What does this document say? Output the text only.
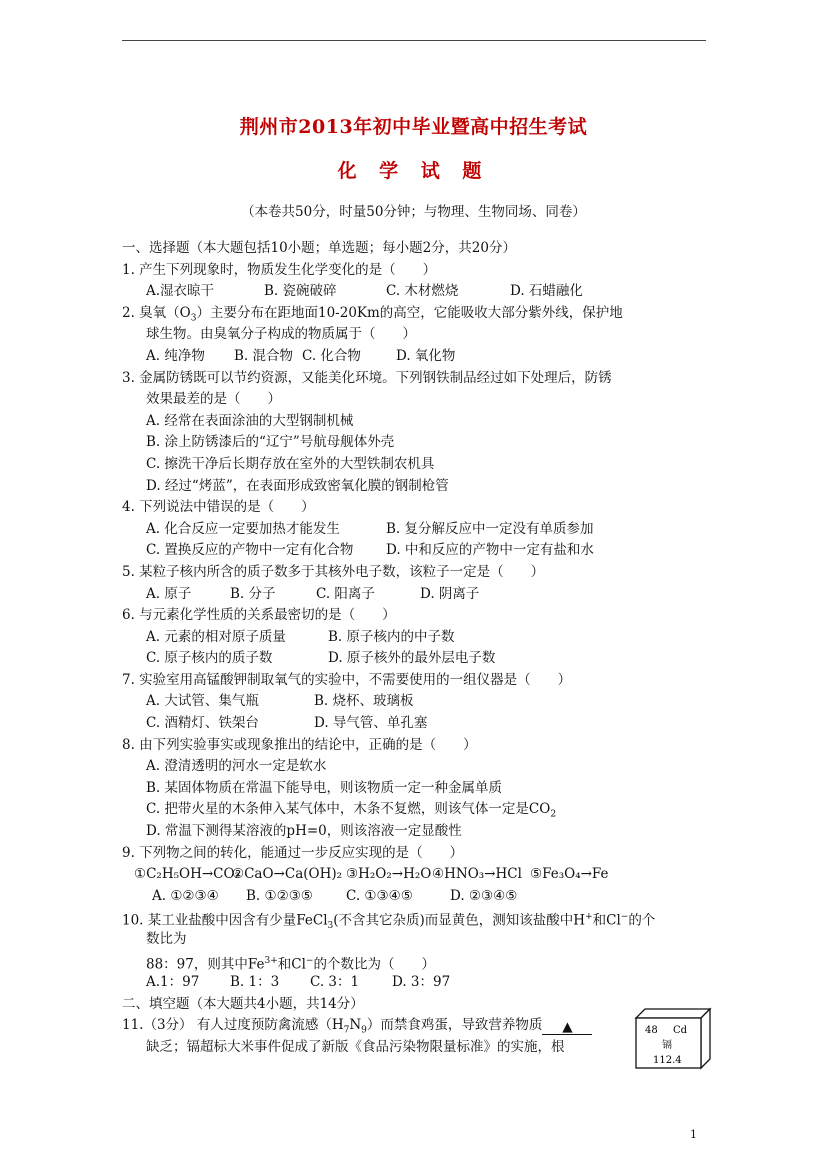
荆州市2013年初中毕业暨高中招生考试
化 学 试 题
（本卷共50分，时量50分钟；与物理、生物同场、同卷）
一、选择题（本大题包括10小题；单选题；每小题2分，共20分）
1. 产生下列现象时，物质发生化学变化的是（　　）
A.湿衣晾干	B. 瓷碗破碎	C. 木材燃烧	D. 石蜡融化
2. 臭氧$(O_3)$主要分布在距地面10-20Km的高空，它能吸收大部分紫外线，保护地
球生物。由臭氧分子构成的物质属于（　　）
A. 纯净物 B. 混合物 C. 化合物	D. 氧化物
3. 金属防锈既可以节约资源，又能美化环境。下列钢铁制品经过如下处理后，防锈
效果最差的是（　　）
A. 经常在表面涂油的大型钢制机械
B. 涂上防锈漆后的“辽宁”号航母舰体外壳
C. 擦洗干净后长期存放在室外的大型铁制农机具
D. 经过“烤蓝”，在表面形成致密氧化膜的钢制枪管
4. 下列说法中错误的是（　　）
A. 化合反应一定要加热才能发生	B. 复分解反应中一定没有单质参加
C. 置换反应的产物中一定有化合物 D. 中和反应的产物中一定有盐和水
5. 某粒子核内所含的质子数多于其核外电子数，该粒子一定是（　　）
A. 原子	B. 分子	C. 阳离子	D. 阴离子
6. 与元素化学性质的关系最密切的是（　　）
A. 元素的相对原子质量	B. 原子核内的中子数
C. 原子核内的质子数	D. 原子核外的最外层电子数
7. 实验室用高锰酸钾制取氧气的实验中，不需要使用的一组仪器是（　　）
A. 大试管、集气瓶	B. 烧杯、玻璃板
C. 酒精灯、铁架台	D. 导气管、单孔塞
8. 由下列实验事实或现象推出的结论中，正确的是（　　）
A. 澄清透明的河水一定是软水
B. 某固体物质在常温下能导电，则该物质一定一种金属单质
C. 把带火星的木条伸入某气体中，木条不复燃，则该气体一定是$CO_2$
D. 常温下测得某溶液的pH=0，则该溶液一定显酸性
9. 下列物之间的转化，能通过一步反应实现的是（　　）
①C₂H₅OH→CO₂②CaO→Ca(OH)₂ ③H₂O₂→H₂O④HNO₃→HCl ⑤Fe₃O₄→Fe
A. ①②③④ B. ①②③⑤ C. ①③④⑤	D. ②③④⑤
10. 某工业盐酸中因含有少量FeCl$_3$(不含其它杂质)而显黄色，测知该盐酸中H+和Cl−的个
数比为
88：97，则其中$Fe^{3+}$和Cl−的个数比为（　　）
A.1：97 B. 1：3 C. 3：1 D. 3：97
二、填空题（本大题共4小题，共14分）
11.（3分） 有人过度预防禽流感$(H_7N_9)$而禁食鸡蛋，导致营养物质 ▲
缺乏；镉超标大米事件促成了新版《食品污染物限量标准》的实施，根
48 Cd
镉
112.4
1
